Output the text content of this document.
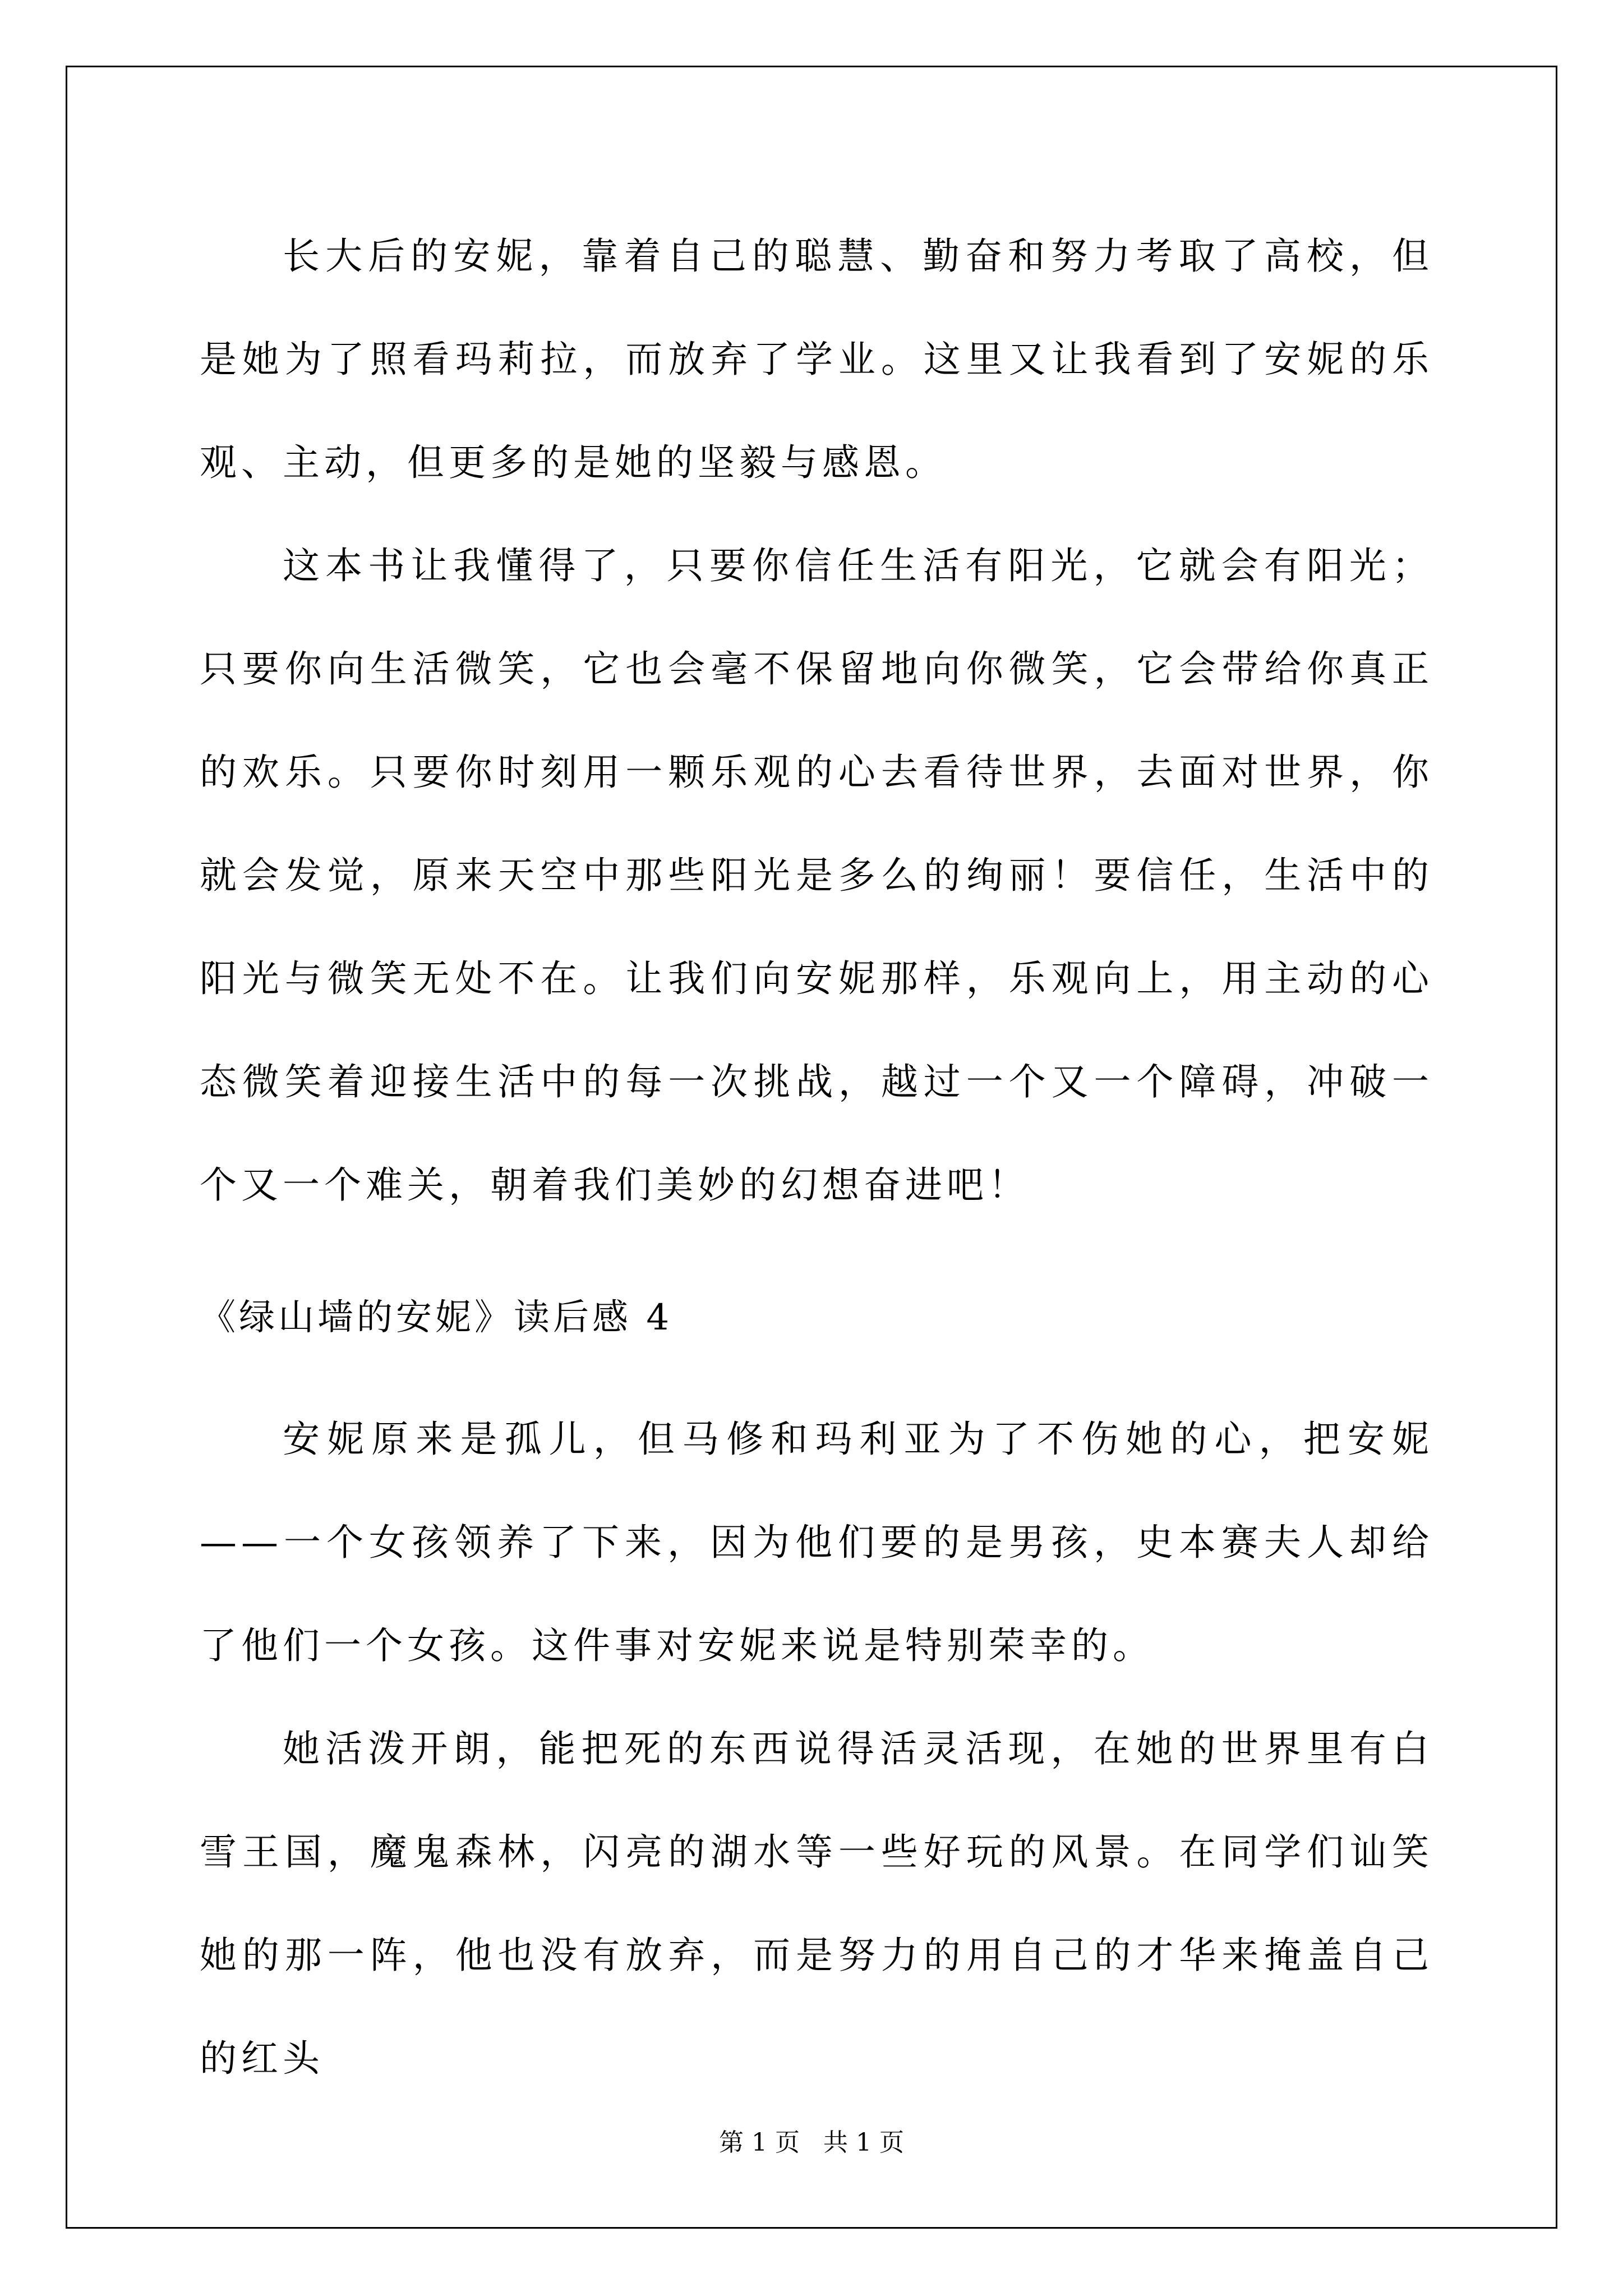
长大后的安妮，靠着自己的聪慧、勤奋和努力考取了高校，但是她为了照看玛莉拉，而放弃了学业。这里又让我看到了安妮的乐观、主动，但更多的是她的坚毅与感恩。

这本书让我懂得了，只要你信任生活有阳光，它就会有阳光；只要你向生活微笑，它也会毫不保留地向你微笑，它会带给你真正的欢乐。只要你时刻用一颗乐观的心去看待世界，去面对世界，你就会发觉，原来天空中那些阳光是多么的绚丽！要信任，生活中的阳光与微笑无处不在。让我们向安妮那样，乐观向上，用主动的心态微笑着迎接生活中的每一次挑战，越过一个又一个障碍，冲破一个又一个难关，朝着我们美妙的幻想奋进吧！

《绿山墙的安妮》读后感 4

安妮原来是孤儿，但马修和玛利亚为了不伤她的心，把安妮——一个女孩领养了下来，因为他们要的是男孩，史本赛夫人却给了他们一个女孩。这件事对安妮来说是特别荣幸的。

她活泼开朗，能把死的东西说得活灵活现，在她的世界里有白雪王国，魔鬼森林，闪亮的湖水等一些好玩的风景。在同学们讪笑她的那一阵，他也没有放弃，而是努力的用自己的才华来掩盖自己的红头

第 1 页 共 1 页
